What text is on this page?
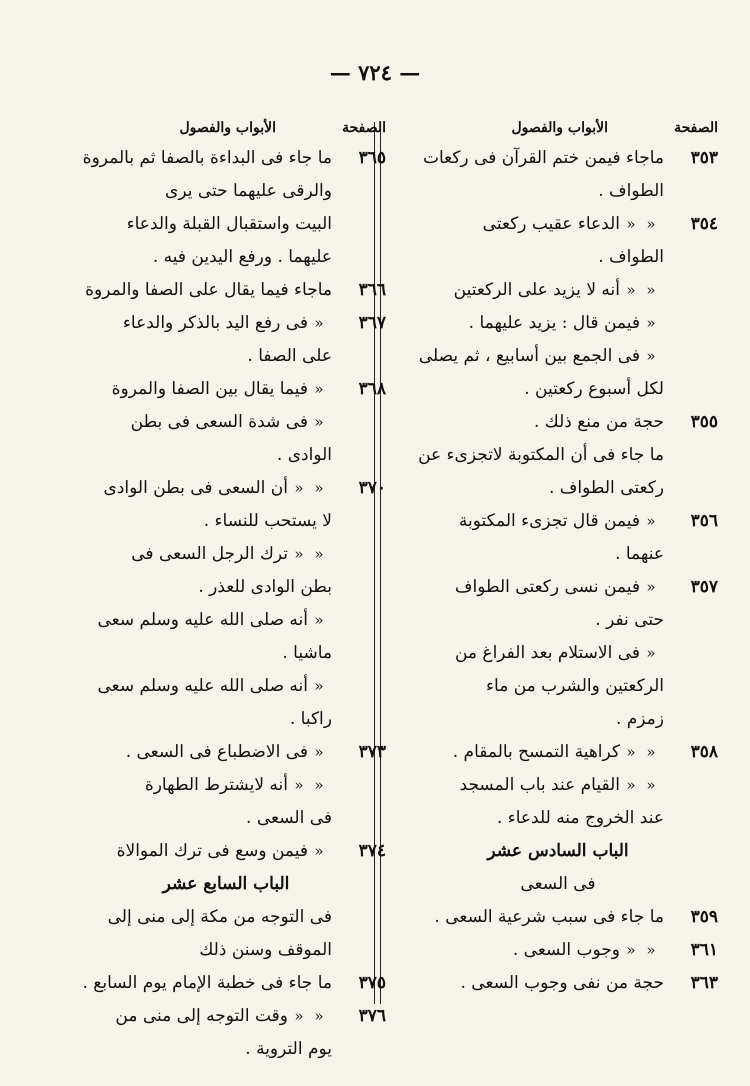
— ٧٢٤ —
الصفحة
الأبواب والفصول
٣٥٣
ماجاء فيمن ختم القرآن فى ركعات
الطواف .
٣٥٤
«
«
الدعاء عقيب ركعتى
الطواف .
«
«
أنه لا يزيد على الركعتين
«
فيمن قال : يزيد عليهما .
«
فى الجمع بين أسابيع ، ثم يصلى
لكل أسبوع ركعتين .
٣٥٥
حجة من منع ذلك .
ما جاء فى أن المكتوبة لاتجزىء عن
ركعتى الطواف .
٣٥٦
«
فيمن قال تجزىء المكتوبة
عنهما .
٣٥٧
«
فيمن نسى ركعتى الطواف
حتى نفر .
«
فى الاستلام بعد الفراغ من
الركعتين والشرب من ماء
زمزم .
٣٥٨
«
«
كراهية التمسح بالمقام .
«
«
القيام عند باب المسجد
عند الخروج منه للدعاء .
الباب السادس عشر
فى السعى
٣٥٩
ما جاء فى سبب شرعية السعى .
٣٦١
«
«
وجوب السعى .
٣٦٣
حجة من نفى وجوب السعى .
الصفحة
الأبواب والفصول
٣٦٥
ما جاء فى البداءة بالصفا ثم بالمروة
والرقى عليهما حتى يرى
البيت واستقبال القبلة والدعاء
عليهما . ورفع اليدين فيه .
٣٦٦
ماجاء فيما يقال على الصفا والمروة
٣٦٧
«
فى رفع اليد بالذكر والدعاء
على الصفا .
٣٦٨
«
فيما يقال بين الصفا والمروة
«
فى شدة السعى فى بطن
الوادى .
٣٧٠
«
«
أن السعى فى بطن الوادى
لا يستحب للنساء .
«
«
ترك الرجل السعى فى
بطن الوادى للعذر .
«
أنه صلى الله عليه وسلم سعى
ماشيا .
«
أنه صلى الله عليه وسلم سعى
راكبا .
٣٧٣
«
فى الاضطباع فى السعى .
«
«
أنه لايشترط الطهارة
فى السعى .
٣٧٤
«
فيمن وسع فى ترك الموالاة
الباب السابع عشر
فى التوجه من مكة إلى منى إلى
الموقف وسنن ذلك
٣٧٥
ما جاء فى خطبة الإمام يوم السابع .
٣٧٦
«
«
وقت التوجه إلى منى من
يوم التروية .
